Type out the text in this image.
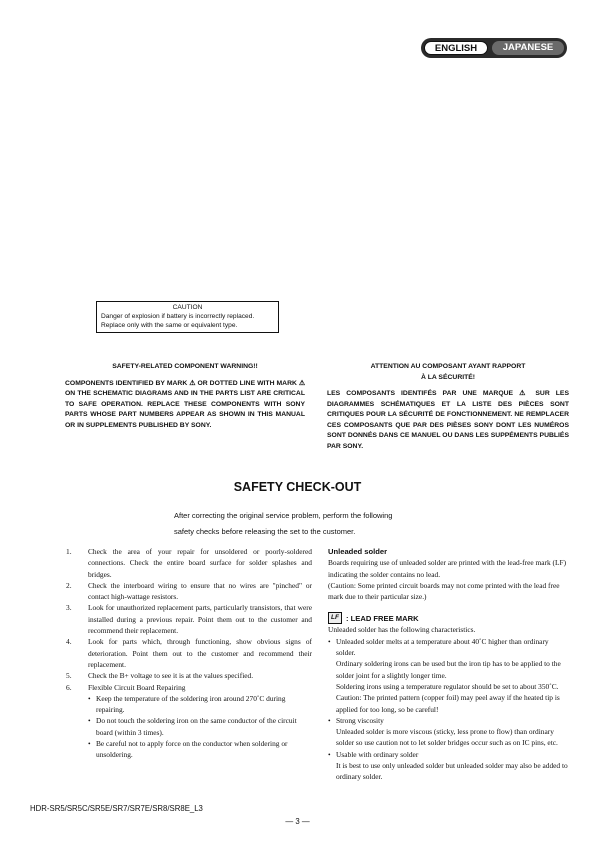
ENGLISH	JAPANESE
CAUTION
Danger of explosion if battery is incorrectly replaced.
Replace only with the same or equivalent type.
SAFETY-RELATED COMPONENT WARNING!!
COMPONENTS IDENTIFIED BY MARK ⚠ OR DOTTED LINE WITH MARK ⚠ ON THE SCHEMATIC DIAGRAMS AND IN THE PARTS LIST ARE CRITICAL TO SAFE OPERATION. REPLACE THESE COMPONENTS WITH SONY PARTS WHOSE PART NUMBERS APPEAR AS SHOWN IN THIS MANUAL OR IN SUPPLEMENTS PUBLISHED BY SONY.
ATTENTION AU COMPOSANT AYANT RAPPORT
À LA SÉCURITÉ!
LES COMPOSANTS IDENTIFÉS PAR UNE MARQUE ⚠ SUR LES DIAGRAMMES SCHÉMATIQUES ET LA LISTE DES PIÈCES SONT CRITIQUES POUR LA SÉCURITÉ DE FONCTIONNEMENT. NE REMPLACER CES COMPOSANTS QUE PAR DES PIÈSES SONY DONT LES NUMÉROS SONT DONNÉS DANS CE MANUEL OU DANS LES SUPPÉMENTS PUBLIÉS PAR SONY.
SAFETY CHECK-OUT
After correcting the original service problem, perform the following
safety checks before releasing the set to the customer.
1.	Check the area of your repair for unsoldered or poorly-soldered connections. Check the entire board surface for solder splashes and bridges.
2.	Check the interboard wiring to ensure that no wires are "pinched" or contact high-wattage resistors.
3.	Look for unauthorized replacement parts, particularly transistors, that were installed during a previous repair. Point them out to the customer and recommend their replacement.
4.	Look for parts which, through functioning, show obvious signs of deterioration. Point them out to the customer and recommend their replacement.
5.	Check the B+ voltage to see it is at the values specified.
6.	Flexible Circuit Board Repairing
• Keep the temperature of the soldering iron around 270˚C during repairing.
• Do not touch the soldering iron on the same conductor of the circuit board (within 3 times).
• Be careful not to apply force on the conductor when soldering or unsoldering.
Unleaded solder
Boards requiring use of unleaded solder are printed with the lead-free mark (LF) indicating the solder contains no lead.
(Caution: Some printed circuit boards may not come printed with the lead free mark due to their particular size.)
LF : LEAD FREE MARK
Unleaded solder has the following characteristics.
• Unleaded solder melts at a temperature about 40˚C higher than ordinary solder.
Ordinary soldering irons can be used but the iron tip has to be applied to the solder joint for a slightly longer time.
Soldering irons using a temperature regulator should be set to about 350˚C.
Caution: The printed pattern (copper foil) may peel away if the heated tip is applied for too long, so be careful!
• Strong viscosity
Unleaded solder is more viscous (sticky, less prone to flow) than ordinary solder so use caution not to let solder bridges occur such as on IC pins, etc.
• Usable with ordinary solder
It is best to use only unleaded solder but unleaded solder may also be added to ordinary solder.
HDR-SR5/SR5C/SR5E/SR7/SR7E/SR8/SR8E_L3
— 3 —
